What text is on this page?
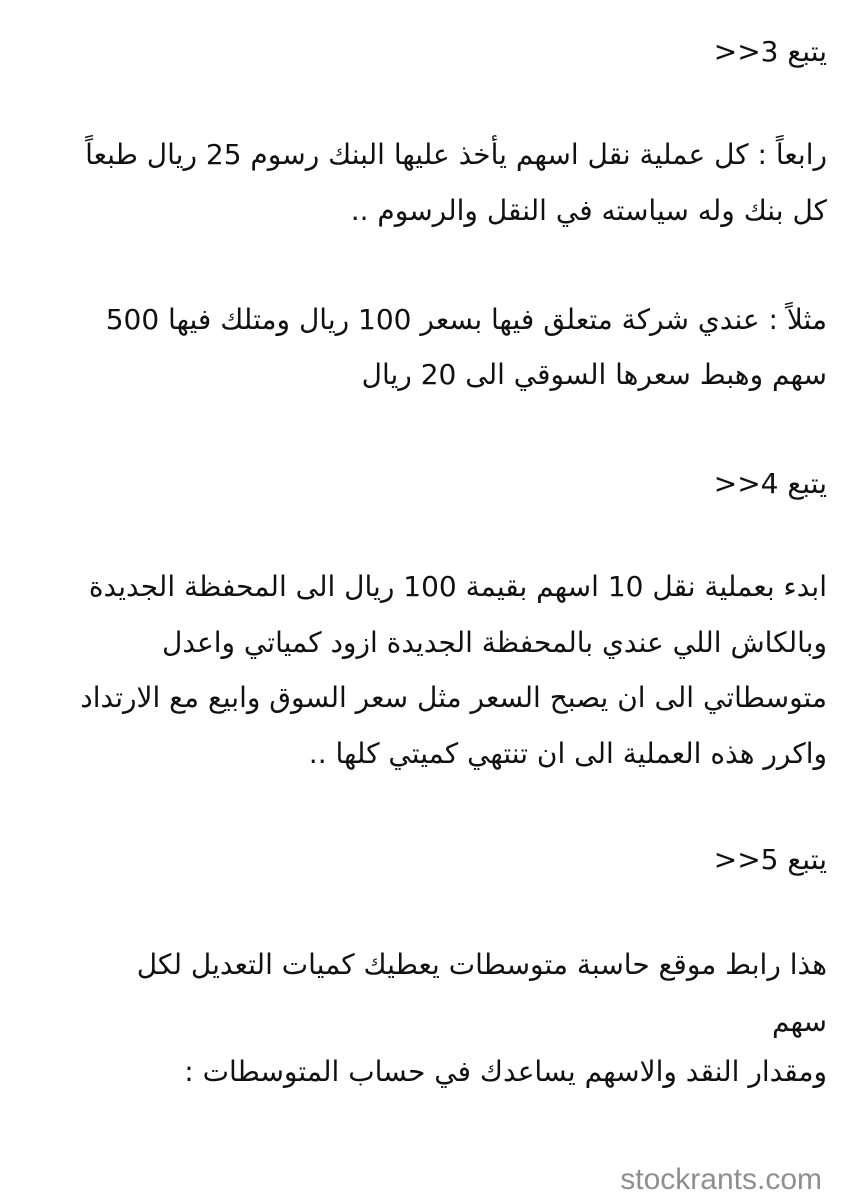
يتبع 3<<
رابعاً : كل عملية نقل اسهم يأخذ عليها البنك رسوم 25 ريال طبعاً
كل بنك وله سياسته في النقل والرسوم ..
مثلاً : عندي شركة متعلق فيها بسعر 100 ريال ومتلك فيها 500
سهم وهبط سعرها السوقي الى 20 ريال
يتبع 4<<
ابدء بعملية نقل 10 اسهم بقيمة 100 ريال الى المحفظة الجديدة
وبالكاش اللي عندي بالمحفظة الجديدة ازود كمياتي واعدل
متوسطاتي الى ان يصبح السعر مثل سعر السوق وابيع مع الارتداد
واكرر هذه العملية الى ان تنتهي كميتي كلها ..
يتبع 5<<
هذا رابط موقع حاسبة متوسطات يعطيك كميات التعديل لكل
سهم
ومقدار النقد والاسهم يساعدك في حساب المتوسطات :
stockrants.com
